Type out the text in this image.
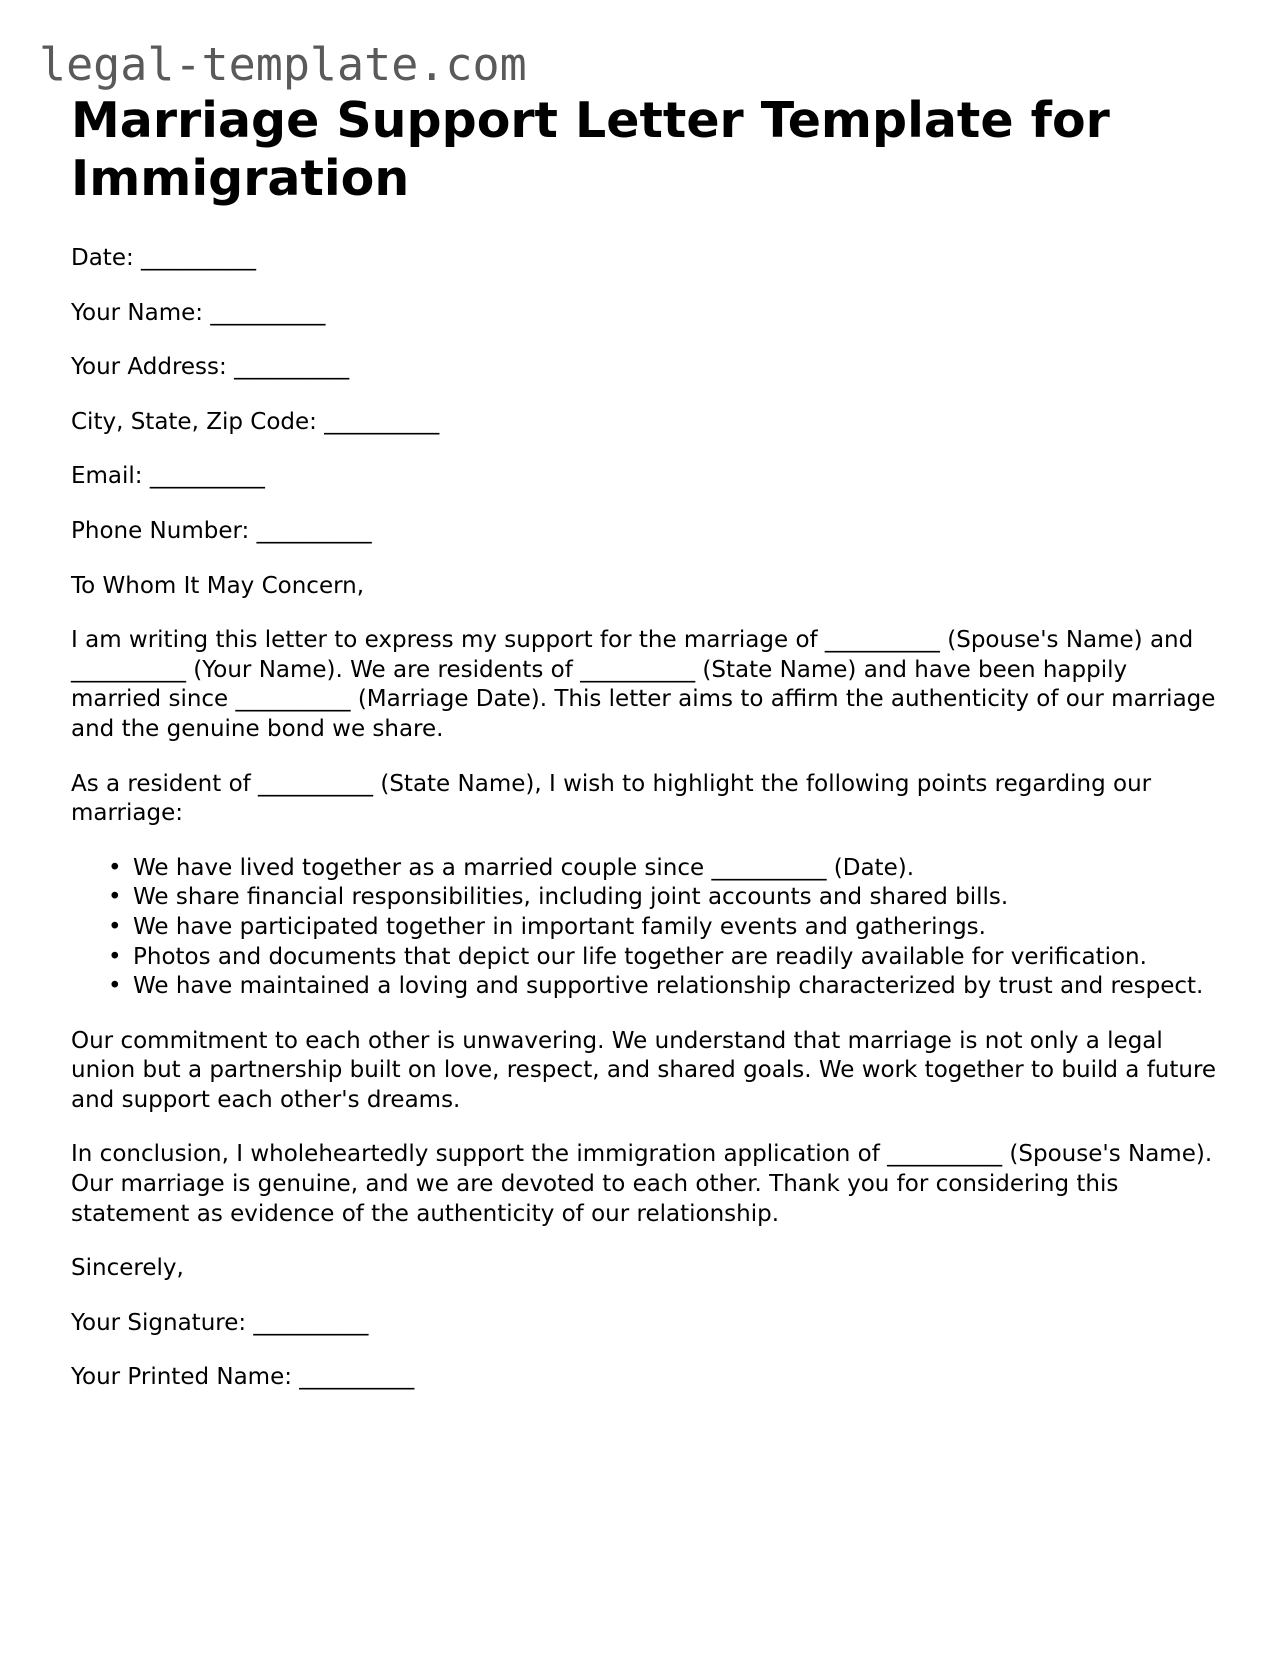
legal-template.com
Marriage Support Letter Template for Immigration

Date: __________

Your Name: __________

Your Address: __________

City, State, Zip Code: __________

Email: __________

Phone Number: __________

To Whom It May Concern,

I am writing this letter to express my support for the marriage of __________ (Spouse's Name) and __________ (Your Name). We are residents of __________ (State Name) and have been happily married since __________ (Marriage Date). This letter aims to affirm the authenticity of our marriage and the genuine bond we share.

As a resident of __________ (State Name), I wish to highlight the following points regarding our marriage:

• We have lived together as a married couple since __________ (Date).
• We share financial responsibilities, including joint accounts and shared bills.
• We have participated together in important family events and gatherings.
• Photos and documents that depict our life together are readily available for verification.
• We have maintained a loving and supportive relationship characterized by trust and respect.

Our commitment to each other is unwavering. We understand that marriage is not only a legal union but a partnership built on love, respect, and shared goals. We work together to build a future and support each other's dreams.

In conclusion, I wholeheartedly support the immigration application of __________ (Spouse's Name). Our marriage is genuine, and we are devoted to each other. Thank you for considering this statement as evidence of the authenticity of our relationship.

Sincerely,

Your Signature: __________

Your Printed Name: __________
